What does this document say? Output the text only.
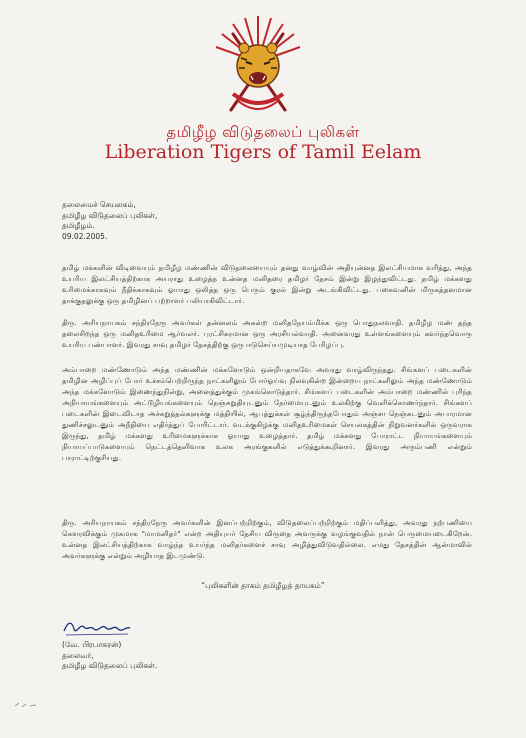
தமிழீழ விடுதலைப் புலிகள்
Liberation Tigers of Tamil Eelam
தலைமைச் செயலகம்,
தமிழீழ விடுதலைப் புலிகள்,
தமிழீழம்.
09.02.2005.

தமிழ் மக்களின் விடிவையும் தமிழீழ மண்ணின் விடுதலையையும் தனது வாழ்வின் அதியுன்னத இலட்சியமாக வரித்து, அந்த உயரிய இலட்சியத்திற்காக அயராது உழைத்த உன்னத மனிதரை தமிழர் தேசம் இன்று இழந்துவிட்டது. தமிழ் மக்களது உரிமைக்காகவும் நீதிக்காகவும் ஓயாது ஒலித்த ஒரு பெரும் குரல் இன்று அடங்கிவிட்டது. பகைவனின் மிருகத்தனமான தாக்குதலுக்கு ஒரு தமிழினப் பற்றாளர் பலியாகிவிட்டார்.

திரு. அரியநாயகம் சந்திரநேரு அவர்கள் தன்னலம் அகன்ற மனிதநேயம்மிக்க ஒரு பொதுநலவாதி. தமிழீழ மண் தந்த தலைசிறந்த ஒரு மனிதஉரிமை ஆர்வலர். புரட்சிகரமான ஒரு அரசியல்வாதி. அனைவரது உள்ளங்களையும் கவர்ந்தவொரு உயரிய பண்பாளர். இவரது சாவு தமிழர் தேசத்திற்கு ஒரு ஈடுசெய்யமுடியாத பேரிழப்பு.

அம்பாறை மண்ணோடும் அந்த மண்ணின் மக்களோடும் ஒன்றியதாகவே அவரது வாழ்விருந்தது. சிங்களப் படைகளின் தமிழின அழிப்புப் போர் உச்சம்பெற்றிருந்த நாட்களிலும் போர்ஓய்வு நிலவுகின்ற இன்றைய நாட்களிலும் அந்த மண்ணோடும் அந்த மக்களோடும் இணைந்துநின்று, அனைத்துக்கும் முகங்கொடுத்தார். சிங்களப் படைகளின் அம்பாறை மண்ணில் புரிந்த அநியாயங்களையும் அட்டூழியங்களையும் நெஞ்சுறுதியுடனும் நேர்மையுடனும் உலகிற்கு வெளிக்கொணர்ந்தார். சிங்களப் படைகளின் இடைவிடாத அச்சுறுத்தல்களுக்கு மத்தியில், ஆபத்துக்கள் சூழ்ந்திருந்தபோதும் அஞ்சா நெஞ்சுடனும் அபாரமான துணிச்சலுடனும் அநீதியை எதிர்த்துப் போரிட்டார். வடக்குகிழக்கு மனிதஉரிமைகள் செயலகத்தின் நிறுவனர்களில் ஒருவராக இருந்து, தமிழ் மக்களது உரிமைகளுக்காக ஓயாது உழைத்தார். தமிழ் மக்களது போராட்ட நியாயங்களையும் நியாயப்பாடுகளையும் நெட்டத்தெளிவாக உலக அரங்குகளில் எடுத்துக்கூறினார். இவரது அரும்பணி என்றும் பாராட்டிற்குரியது.

திரு. அரியநாயகம் சந்திரநேரு அவர்களின் இனப்பற்றிற்கும், விடுதலைப்பற்றிற்கும் மதிப்பளித்து, அவரது நற்பணியை கௌரவிக்கும் முகமாக "மாமனிதர்" என்ற அதியுயர் தேசிய விருதை அவருக்கு வழங்குவதில் நான் பெருமையடைகிறேன். உன்னத இலட்சியத்திற்காக வாழ்ந்த உயர்ந்த மனிதர்களைச் சாவு அழித்துவிடுவதில்லை. எமது தேசத்தின் ஆன்மாவில் அவர்களுக்கு என்றும் அழியாத இடமுண்டு.

“புலிகளின் தாகம் தமிழீழத் தாயகம்”
(வே. பிரபாகரன்)
தலைவர்,
தமிழீழ விடுதலைப் புலிகள்.
